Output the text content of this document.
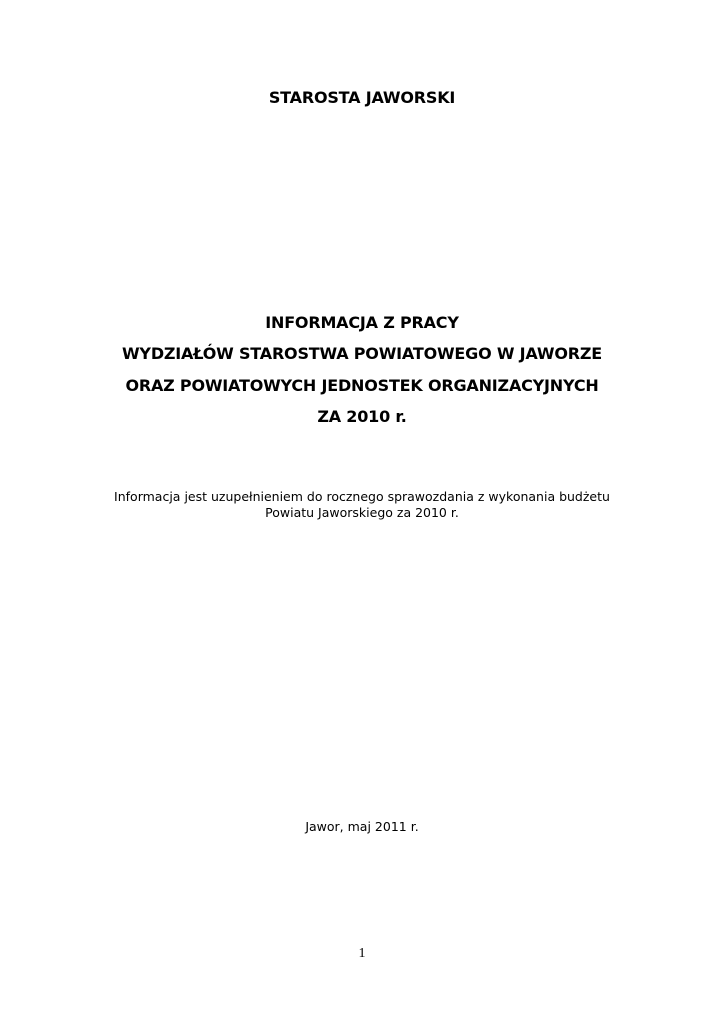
STAROSTA JAWORSKI
INFORMACJA Z PRACY
WYDZIAŁÓW STAROSTWA POWIATOWEGO W JAWORZE
ORAZ POWIATOWYCH JEDNOSTEK ORGANIZACYJNYCH
ZA 2010 r.
Informacja jest uzupełnieniem do rocznego sprawozdania z wykonania budżetu
Powiatu Jaworskiego za 2010 r.
Jawor, maj 2011 r.
1
